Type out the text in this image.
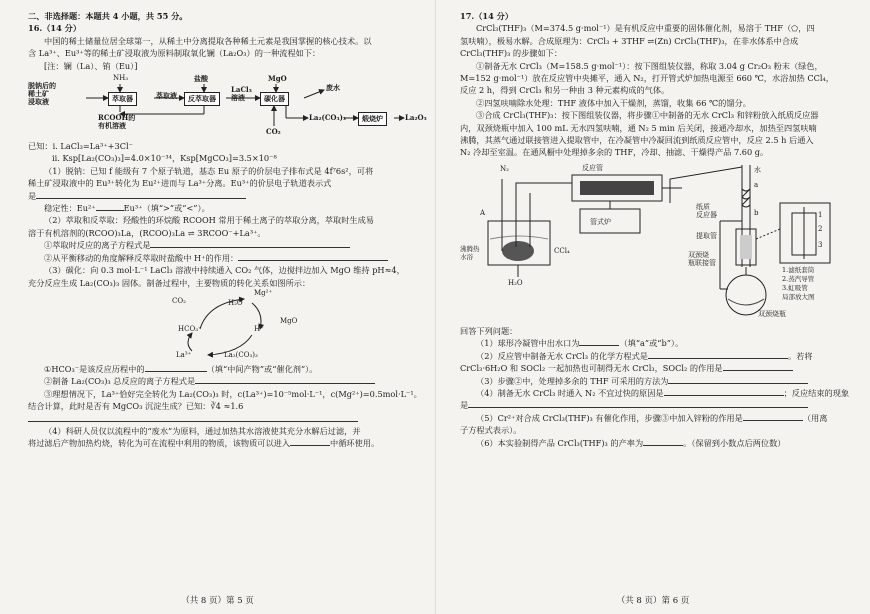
二、非选择题：本题共 4 小题，共 55 分。
16.（14 分）
中国的稀土储量位居全球第一，从稀土中分离提取各种稀土元素是我国掌握的核心技术。以
含 La³⁺、Eu³⁺等的稀土矿浸取液为原料制取氧化镧（La₂O₃）的一种流程如下：
[注：镧（La）、铕（Eu）]
脱钠后的
稀土矿
浸取液
NH₃
萃取器	萃取液
盐酸
反萃取器
LaCl₃
溶液
MgO
碳化器
废水
RCOOH的
有机溶液
CO₂
La₂(CO₃)₃	煅烧炉	La₂O₃
已知：i. LaCl₃=La³⁺+3Cl⁻
ii. Ksp[La₂(CO₃)₃]=4.0×10⁻³⁴，Ksp[MgCO₃]=3.5×10⁻⁸
（1）脱钠：已知 f 能级有 7 个原子轨道，基态 Eu 原子的价层电子排布式是 4f⁷6s²，可将
稀土矿浸取液中的 Eu³⁺转化为 Eu²⁺进而与 La³⁺分离。Eu³⁺的价层电子轨道表示式
是
稳定性：Eu²⁺	Eu³⁺（填“>”或“<”）。
（2）萃取和反萃取：羟酸性的环烷酸 RCOOH 常用于稀土离子的萃取分离，萃取时生成易
溶于有机溶剂的(RCOO)₃La，(RCOO)₃La ⇌ 3RCOO⁻+La³⁺。
①萃取时反应的离子方程式是
②从平衡移动的角度解释反萃取时盐酸中 H⁺的作用：
（3）碳化：向 0.3 mol·L⁻¹ LaCl₃ 溶液中持续通入 CO₂ 气体，边搅拌边加入 MgO 维持 pH≈4，
充分反应生成 La₂(CO₃)₃ 固体。制备过程中，主要物质的转化关系如图所示：
Mg²⁺
CO₂	H₂O
HCO₃⁻	H⁺
MgO
La³⁺	La₂(CO₃)₃
①HCO₃⁻是该反应历程中的	（填“中间产物”或“催化剂”）。
②制备 La₂(CO₃)₃ 总反应的离子方程式是
③理想情况下，La³⁺恰好完全转化为 La₂(CO₃)₃ 时，c(La³⁺)=10⁻⁵mol·L⁻¹，c(Mg²⁺)=0.5mol·L⁻¹。
结合计算，此时是否有 MgCO₃ 沉淀生成？已知：∛4 ≈1.6
（4）科研人员仅以流程中的“废水”为原料，通过加热其水溶液使其充分水解后过滤，并
将过滤后产物加热灼烧，转化为可在流程中利用的物质，该物质可以进入	中循环使用。
（共 8 页）第 5 页
17.（14 分）
CrCl₃(THF)₃（M=374.5 g·mol⁻¹）是有机反应中重要的固体催化剂，易溶于 THF（⬠，四
氢呋喃），极易水解。合成原理为：CrCl₃ + 3THF ⇌(Zn) CrCl₃(THF)₃，在非水体系中合成
CrCl₃(THF)₃ 的步骤如下：
①制备无水 CrCl₃（M=158.5 g·mol⁻¹）：按下图组装仪器，称取 3.04 g Cr₂O₃ 粉末（绿色，
M=152 g·mol⁻¹）放在反应管中央摊平，通入 N₂，打开管式炉加热电源至 660 ℃，水浴加热 CCl₄，
反应 2 h，得到 CrCl₃ 和另一种由 3 种元素构成的气体。
②四氢呋喃除水处理：THF 液体中加入干燥剂，蒸馏，收集 66 ℃的馏分。
③合成 CrCl₃(THF)₃：按下图组装仪器，将步骤①中制备的无水 CrCl₃ 和锌粉放入纸质反应器
内，双颈烧瓶中加入 100 mL 无水四氢呋喃，通 N₂ 5 min 后关闭，接通冷却水，加热至四氢呋喃
沸腾，其蒸气通过联接管进入提取管中，在冷凝管中冷凝回流到纸质反应管中，反应 2.5 h 后通入
N₂ 冷却至室温。在通风橱中处理掉多余的 THF，冷却、抽滤、干燥得产品 7.60 g。
N₂	反应管
A
管式炉
沸腾热水浴
CCl₄
H₂O
水
a
b
纸质
反应器
提取管
双颈烧
瓶联接管
双颈烧瓶
1
2
3
1.滤纸套筒
2.蒸汽导管
3.虹吸管
局部放大图
回答下列问题：
（1）球形冷凝管中出水口为	（填“a”或“b”）。
（2）反应管中制备无水 CrCl₃ 的化学方程式是	。若将
CrCl₃·6H₂O 和 SOCl₂ 一起加热也可制得无水 CrCl₃，SOCl₂ 的作用是
（3）步骤②中，处理掉多余的 THF 可采用的方法为
（4）制备无水 CrCl₃ 时通入 N₂ 不宜过快的原因是	；反应结束的现象
是
（5）Cr²⁺对合成 CrCl₃(THF)₃ 有催化作用，步骤③中加入锌粉的作用是	（用离
子方程式表示）。
（6）本实验制得产品 CrCl₃(THF)₃ 的产率为	。（保留到小数点后两位数）
（共 8 页）第 6 页
